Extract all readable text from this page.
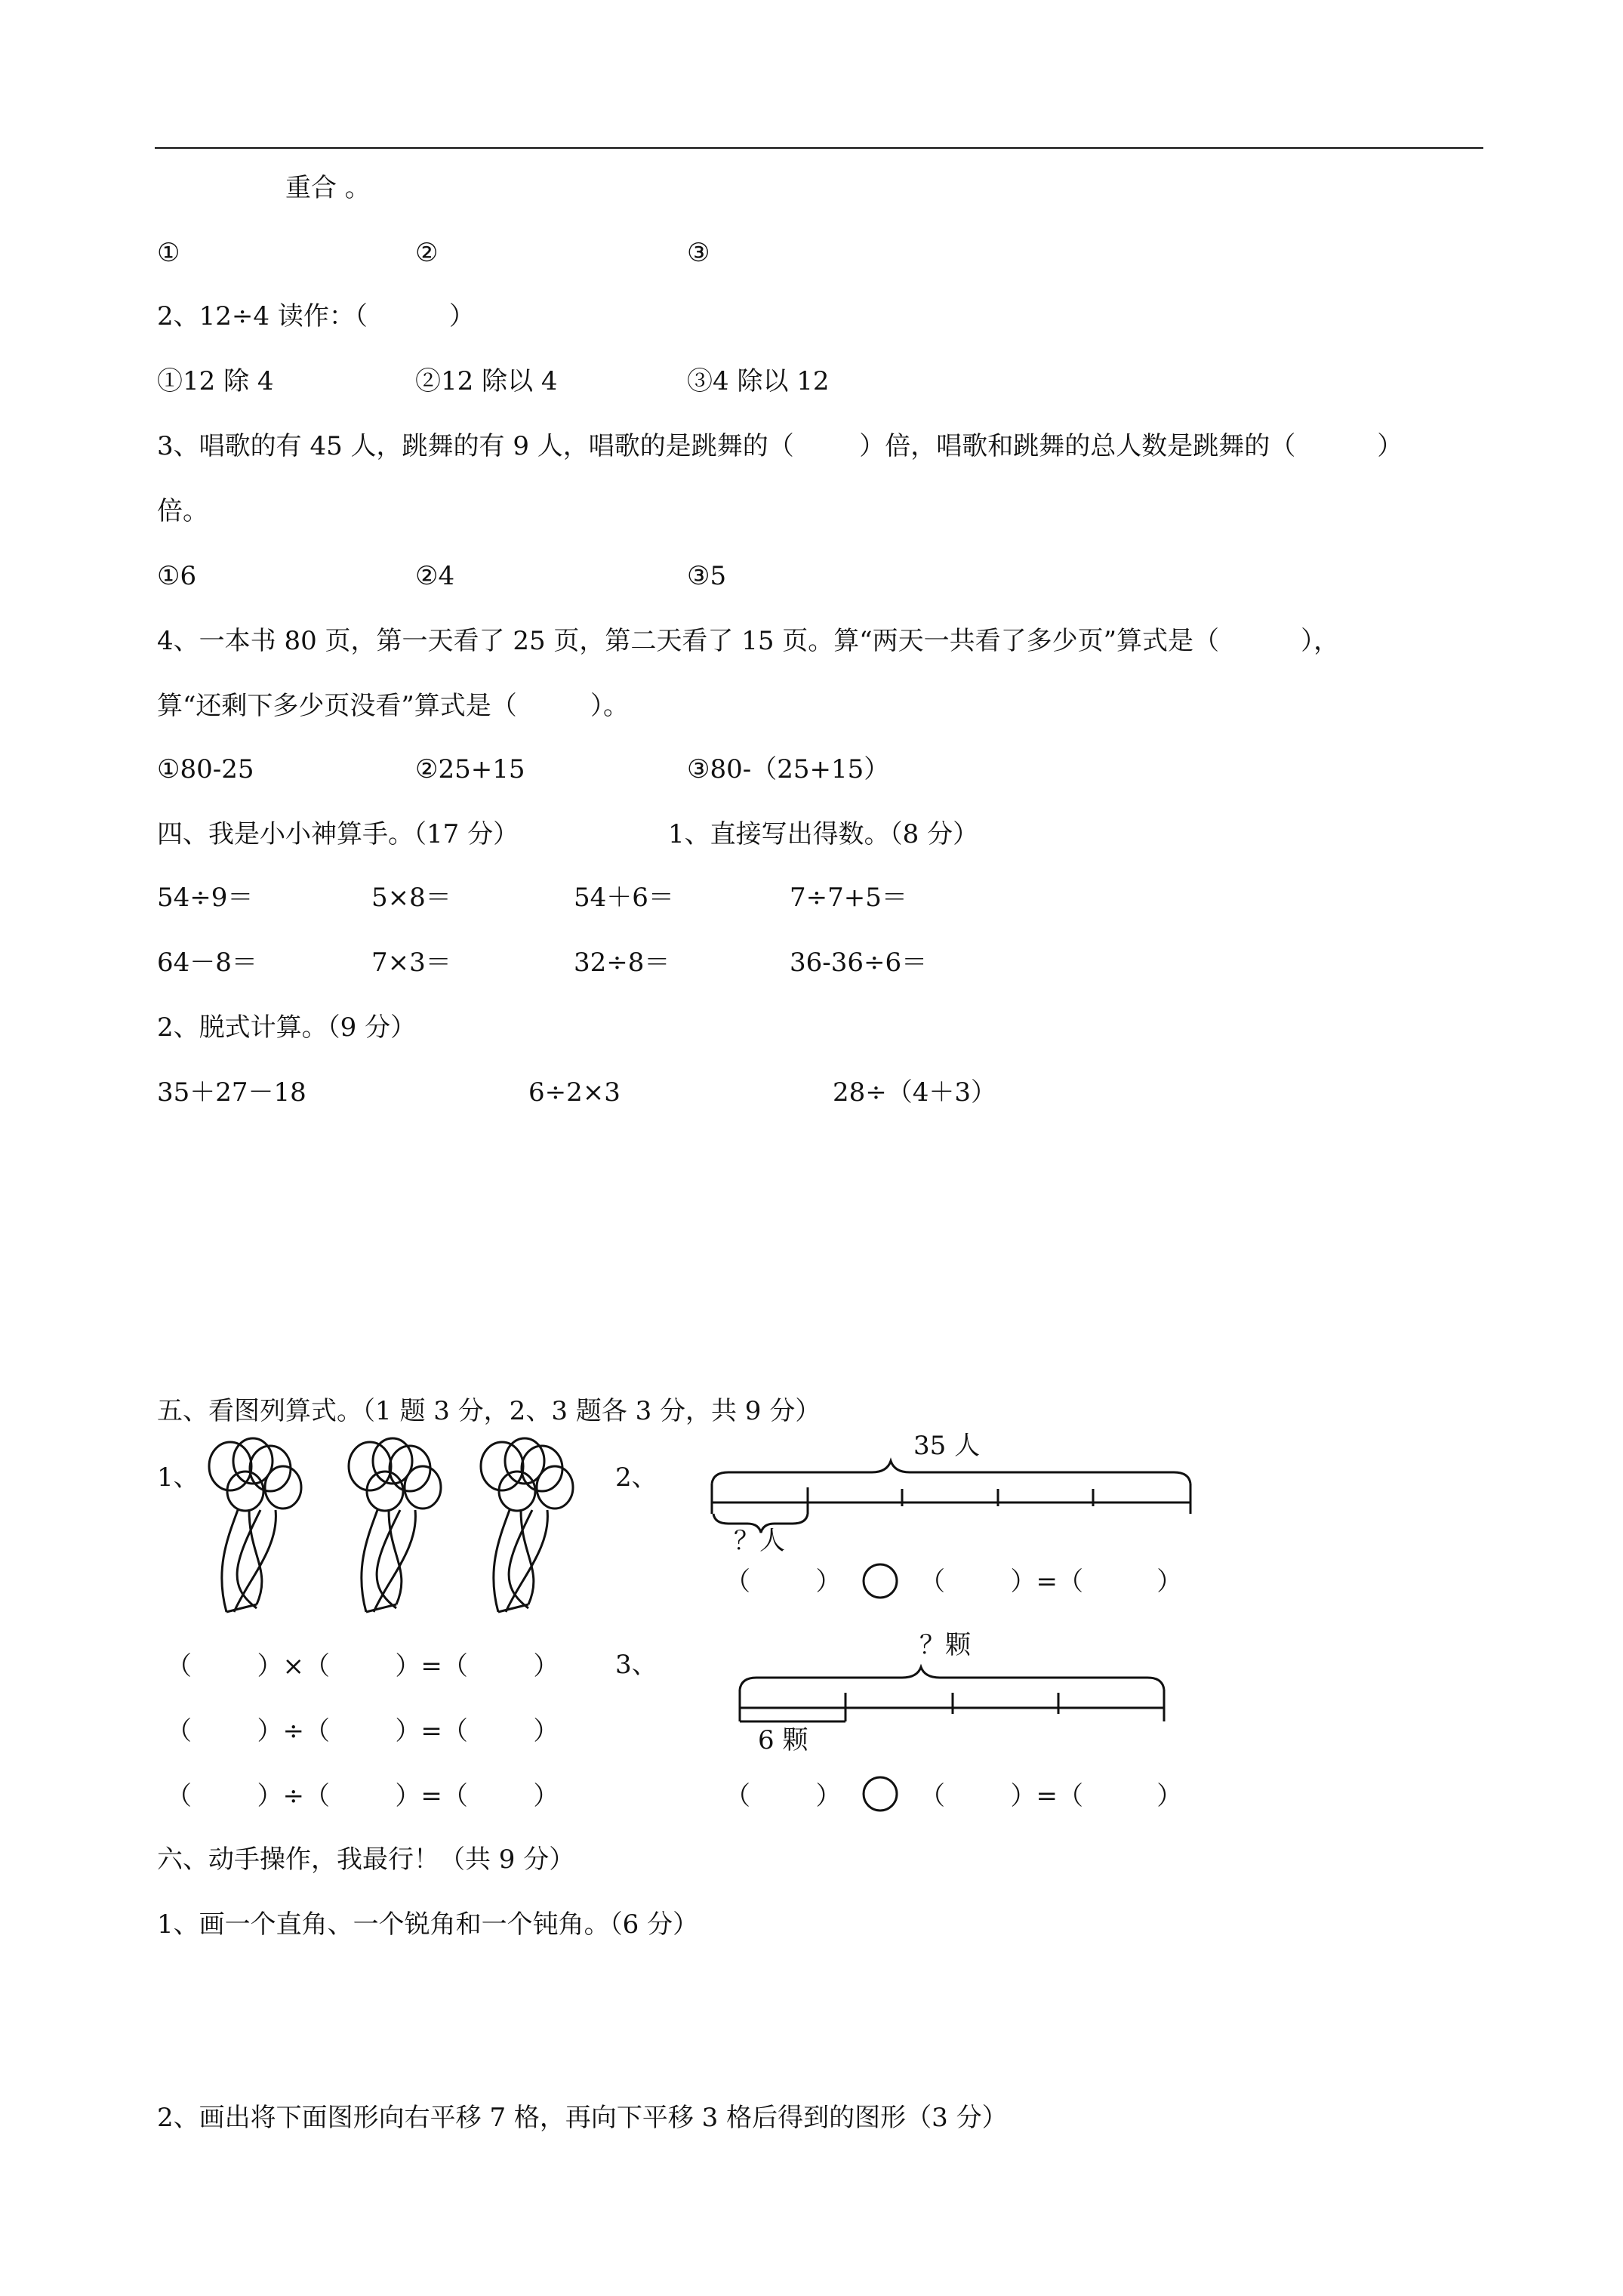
重合 。
①	②	③
2、12÷4 读作：（          ）
①12 除 4	②12 除以 4	③4 除以 12
3、唱歌的有 45 人，跳舞的有 9 人，唱歌的是跳舞的（        ）倍，唱歌和跳舞的总人数是跳舞的（          ）
倍。
①6	②4	③5
4、一本书 80 页，第一天看了 25 页，第二天看了 15 页。算“两天一共看了多少页”算式是（          ），
算“还剩下多少页没看”算式是（         ）。
①80-25	②25+15	③80-（25+15）
四、我是小小神算手。（17 分）	1、直接写出得数。（8 分）
54÷9＝	5×8＝	54＋6＝	7÷7+5＝
64－8＝	7×3＝	32÷8＝	36-36÷6＝
2、脱式计算。（9 分）
35＋27－18	6÷2×3	28÷（4＋3）
五、看图列算式。（1 题 3 分，2、3 题各 3 分，共 9 分）
1、	2、
3、
35 人
？人
（        ）	（        ）=（         ）
？颗
6 颗
（        ）	（        ）=（         ）
（        ）×（        ）=（        ）
（        ）÷（        ）=（        ）
（        ）÷（        ）=（        ）
六、动手操作，我最行！（共 9 分）
1、画一个直角、一个锐角和一个钝角。（6 分）
2、画出将下面图形向右平移 7 格，再向下平移 3 格后得到的图形（3 分）
